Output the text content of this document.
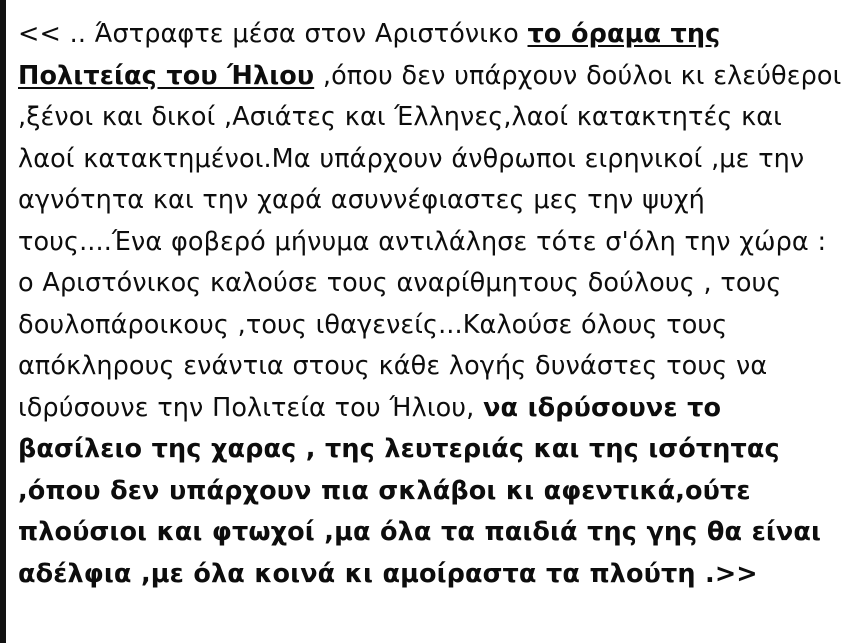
<< .. Άστραφτε μέσα στον Αριστόνικο το όραμα της Πολιτείας του Ήλιου ,όπου δεν υπάρχουν δούλοι κι ελεύθεροι ,ξένοι και δικοί ,Ασιάτες και Έλληνες,λαοί κατακτητές και λαοί κατακτημένοι.Μα υπάρχουν άνθρωποι ειρηνικοί ,με την αγνότητα και την χαρά ασυννέφιαστες μες την ψυχή τους....Ένα φοβερό μήνυμα αντιλάλησε τότε σ'όλη την χώρα : ο Αριστόνικος καλούσε τους αναρίθμητους δούλους , τους δουλοπάροικους ,τους ιθαγενείς...Καλούσε όλους τους απόκληρους ενάντια στους κάθε λογής δυνάστες τους να ιδρύσουνε την Πολιτεία του Ήλιου, να ιδρύσουνε το βασίλειο της χαρας , της λευτεριάς και της ισότητας ,όπου δεν υπάρχουν πια σκλάβοι κι αφεντικά,ούτε πλούσιοι και φτωχοί ,μα όλα τα παιδιά της γης θα είναι αδέλφια ,με όλα κοινά κι αμοίραστα τα πλούτη .>>
